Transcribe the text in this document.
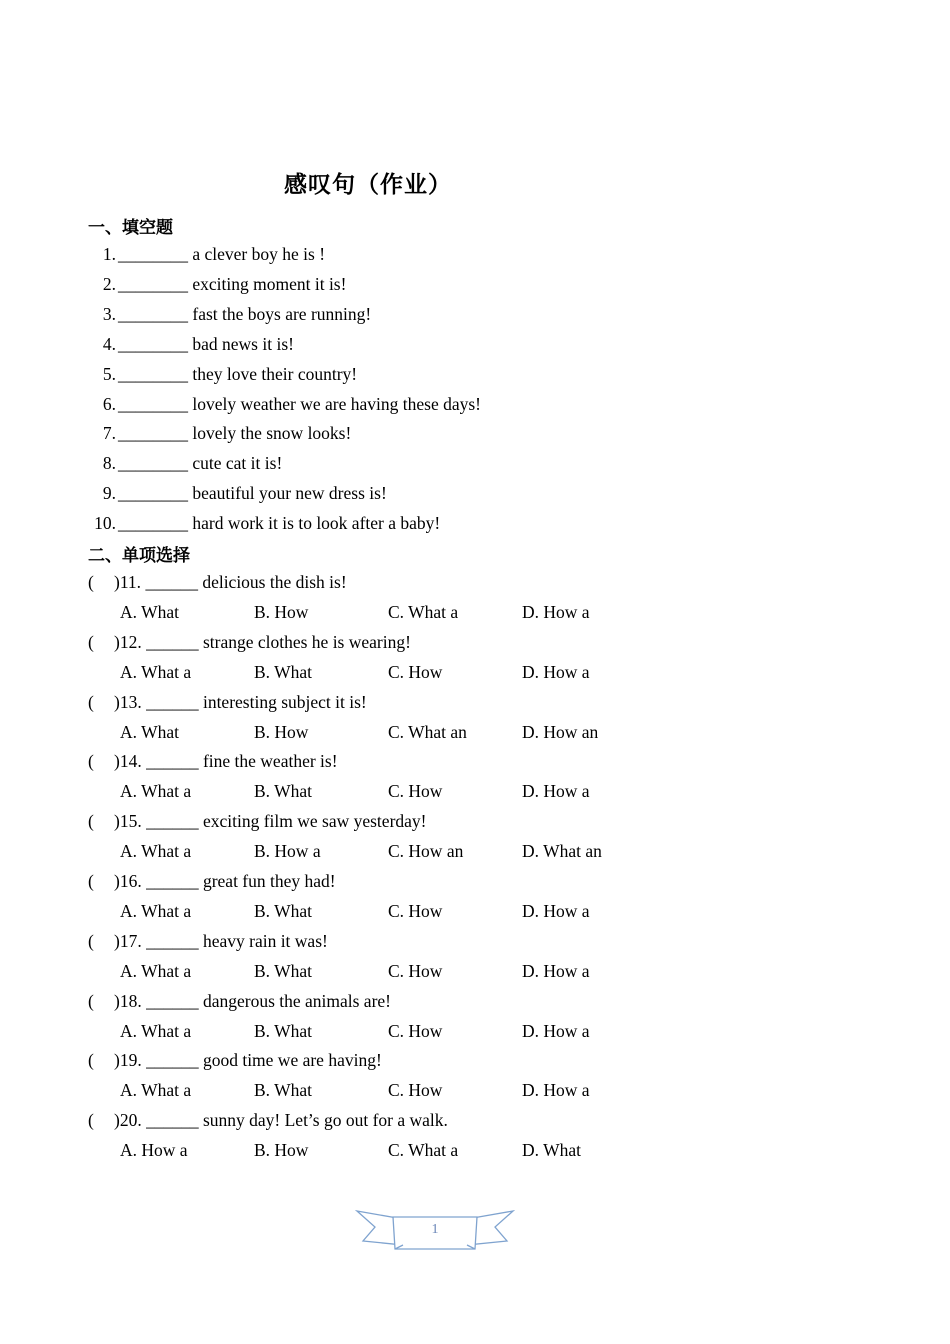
感叹句（作业）
一、填空题
1. ________ a clever boy he is !
2. ________ exciting moment it is!
3. ________ fast the boys are running!
4. ________ bad news it is!
5. ________ they love their country!
6. ________ lovely weather we are having these days!
7. ________ lovely the snow looks!
8. ________ cute cat it is!
9. ________ beautiful your new dress is!
10. ________ hard work it is to look after a baby!
二、单项选择
( )11. ______ delicious the dish is!
A. What	B. How	C. What a	D. How a
( )12. ______ strange clothes he is wearing!
A. What a	B. What	C. How	D. How a
( )13. ______ interesting subject it is!
A. What	B. How	C. What an	D. How an
( )14. ______ fine the weather is!
A. What a	B. What	C. How	D. How a
( )15. ______ exciting film we saw yesterday!
A. What a	B. How a	C. How an	D. What an
( )16. ______ great fun they had!
A. What a	B. What	C. How	D. How a
( )17. ______ heavy rain it was!
A. What a	B. What	C. How	D. How a
( )18. ______ dangerous the animals are!
A. What a	B. What	C. How	D. How a
( )19. ______ good time we are having!
A. What a	B. What	C. How	D. How a
( )20. ______ sunny day! Let’s go out for a walk.
A. How a	B. How	C. What a	D. What
1
